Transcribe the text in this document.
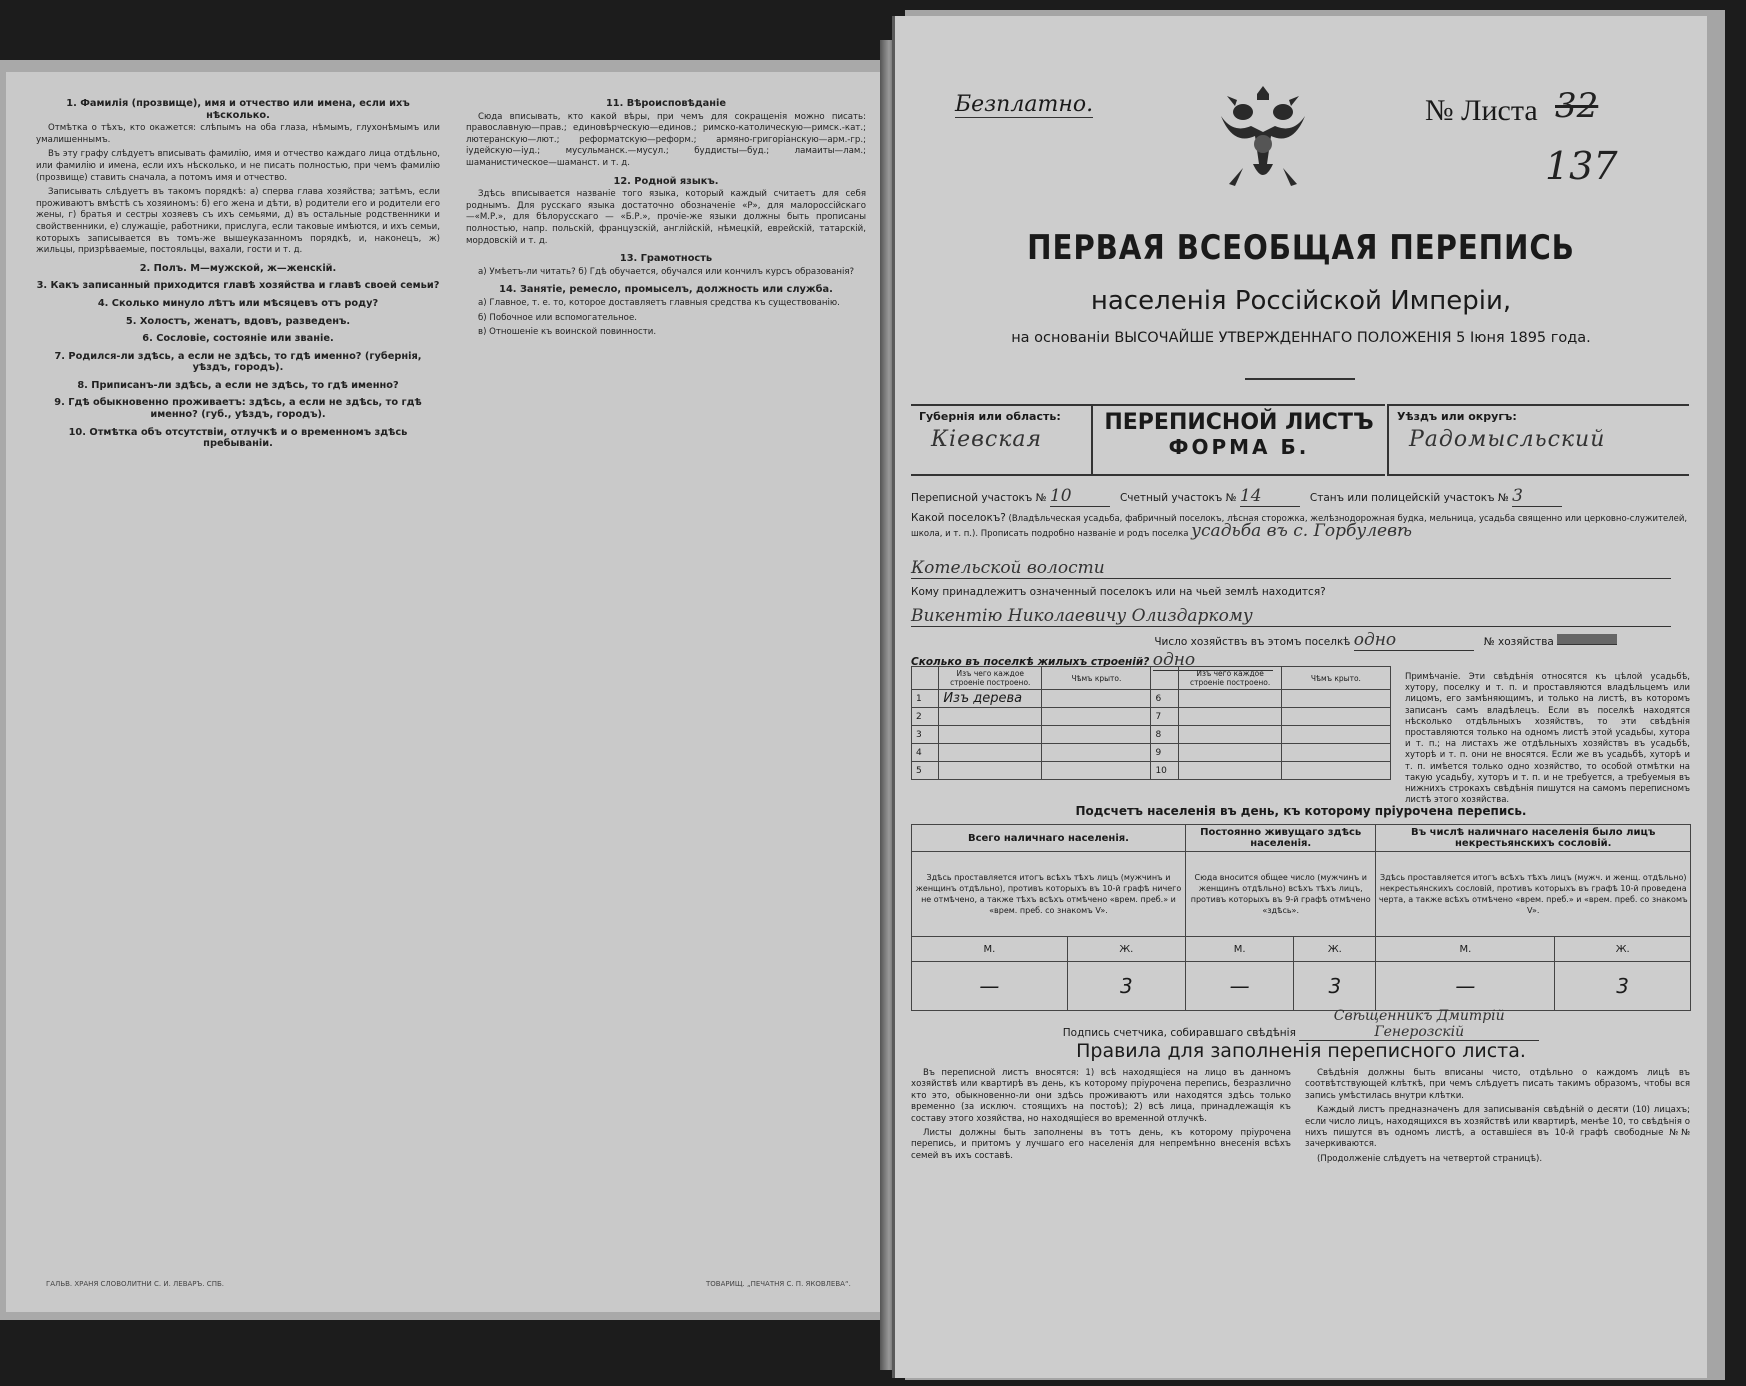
1. Фамилія (прозвище), имя и отчество или имена, если ихъ нѣсколько.

Отмѣтка о тѣхъ, кто окажется: слѣпымъ на оба глаза, нѣмымъ, глухонѣмымъ или умалишеннымъ.

Въ эту графу слѣдуетъ вписывать фамилію, имя и отчество каждаго лица отдѣльно, или фамилію и имена, если ихъ нѣсколько, и не писать полностью, при чемъ фамилію (прозвище) ставить сначала, а потомъ имя и отчество.

Записывать слѣдуетъ въ такомъ порядкѣ: а) сперва глава хозяйства; затѣмъ, если проживаютъ вмѣстѣ съ хозяиномъ: б) его жена и дѣти, в) родители его и родители его жены, г) братья и сестры хозяевъ съ ихъ семьями, д) въ остальные родственники и свойственники, е) служащіе, работники, прислуга, если таковые имѣются, и ихъ семьи, которыхъ записывается въ томъ-же вышеуказанномъ порядкѣ, и, наконецъ, ж) жильцы, призрѣваемые, постояльцы, вахали, гости и т. д.

2. Полъ. М—мужской, ж—женскій.
3. Какъ записанный приходится главѣ хозяйства и главѣ своей семьи?
4. Сколько минуло лѣтъ или мѣсяцевъ отъ роду?
5. Холостъ, женатъ, вдовъ, разведенъ.
6. Сословіе, состояніе или званіе.
7. Родился-ли здѣсь, а если не здѣсь, то гдѣ именно? (губернія, уѣздъ, городъ).
8. Приписанъ-ли здѣсь, а если не здѣсь, то гдѣ именно?
9. Гдѣ обыкновенно проживаетъ: здѣсь, а если не здѣсь, то гдѣ именно? (губ., уѣздъ, городъ).
10. Отмѣтка объ отсутствіи, отлучкѣ и о временномъ здѣсь пребываніи.
11. Вѣроисповѣданіе

Сюда вписывать, кто какой вѣры, при чемъ для сокращенія можно писать: православную—прав.; единовѣрческую—единов.; римско-католическую—римск.-кат.; лютеранскую—лют.; реформатскую—реформ.; армяно-григоріанскую—арм.-гр.; іудейскую—іуд.; мусульманск.—мусул.; буддисты—буд.; ламаиты—лам.; шаманистическое—шаманст. и т. д.

12. Родной языкъ.

Здѣсь вписывается названіе того языка, который каждый считаетъ для себя роднымъ. Для русскаго языка достаточно обозначеніе «Р», для малороссійскаго—«М.Р.», для бѣлорусскаго — «Б.Р.», прочіе-же языки должны быть прописаны полностью, напр. польскій, французскій, англійскій, нѣмецкій, еврейскій, татарскій, мордовскій и т. д.

13. Грамотность

а) Умѣетъ-ли читать? б) Гдѣ обучается, обучался или кончилъ курсъ образованія?

14. Занятіе, ремесло, промыселъ, должность или служба.

а) Главное, т. е. то, которое доставляетъ главныя средства къ существованію.

б) Побочное или вспомогательное.

в) Отношеніе къ воинской повинности.

ГАЛЬВ. ХРАНЯ СЛОВОЛИТНИ С. И. ЛЕВАРЪ. СПБ.	ТОВАРИЩ. „ПЕЧАТНЯ С. П. ЯКОВЛЕВА“.
Безплатно.	№ Листа 32
137
ПЕРВАЯ ВСЕОБЩАЯ ПЕРЕПИСЬ
населенія Россійской Имперіи,
на основаніи ВЫСОЧАЙШЕ УТВЕРЖДЕННАГО ПОЛОЖЕНІЯ 5 Іюня 1895 года.
Губернія или область:
Кіевская
ПЕРЕПИСНОЙ ЛИСТЪ
ФОРМА Б.
Уѣздъ или округъ:
Радомысльский
Переписной участокъ № 10	Счетный участокъ № 14	Станъ или полицейскій участокъ № 3
Какой поселокъ? (Владѣльческая усадьба, фабричный поселокъ, лѣсная сторожка, желѣзнодорожная будка, мельница, усадьба священно или церковно-служителей, школа, и т. п.). Прописать подробно названіе и родъ поселка усадьба въ с. Горбулевѣ
Котельской волости
Кому принадлежитъ означенный поселокъ или на чьей землѣ находится?
Викентію Николаевичу Олиздаркому
Число хозяйствъ въ этомъ поселкѣ одно	№ хозяйства
Сколько въ поселкѣ жилыхъ строеній? одно
	Изъ чего каждое строеніе построено.	Чѣмъ крыто.		Изъ чего каждое строеніе построено.	Чѣмъ крыто.
1	Изъ дерева		6		
2			7		
3			8		
4			9		
5			10		
Примѣчаніе. Эти свѣдѣнія относятся къ цѣлой усадьбѣ, хутору, поселку и т. п. и проставляются владѣльцемъ или лицомъ, его замѣняющимъ, и только на листѣ, въ которомъ записанъ самъ владѣлецъ. Если въ поселкѣ находятся нѣсколько отдѣльныхъ хозяйствъ, то эти свѣдѣнія проставляются только на одномъ листѣ этой усадьбы, хутора и т. п.; на листахъ же отдѣльныхъ хозяйствъ въ усадьбѣ, хуторѣ и т. п. они не вносятся. Если же въ усадьбѣ, хуторѣ и т. п. имѣется только одно хозяйство, то особой отмѣтки на такую усадьбу, хуторъ и т. п. и не требуется, а требуемыя въ нижнихъ строкахъ свѣдѣнія пишутся на самомъ переписномъ листѣ этого хозяйства.
Подсчетъ населенія въ день, къ которому пріурочена перепись.
Всего наличнаго населенія.		Постоянно живущаго здѣсь населенія.		Въ числѣ наличнаго населенія было лицъ некрестьянскихъ сословій.	
Здѣсь проставляется итогъ всѣхъ тѣхъ лицъ (мужчинъ и женщинъ отдѣльно), противъ которыхъ въ 10-й графѣ ничего не отмѣчено, а также тѣхъ всѣхъ отмѣчено «врем. преб.» и «врем. преб. со знакомъ V».		Сюда вносится общее число (мужчинъ и женщинъ отдѣльно) всѣхъ тѣхъ лицъ, противъ которыхъ въ 9-й графѣ отмѣчено «здѣсь».		Здѣсь проставляется итогъ всѣхъ тѣхъ лицъ (мужч. и женщ. отдѣльно) некрестьянскихъ сословій, противъ которыхъ въ графѣ 10-й проведена черта, а также всѣхъ отмѣчено «врем. преб.» и «врем. преб. со знакомъ V».	
М.	Ж.	М.	Ж.	М.	Ж.
—	3	—	3	—	3
Подпись счетчика, собиравшаго свѣдѣнія Свѣщенникъ Дмитрій Генерозскій
Правила для заполненія переписного листа.

Въ переписной листъ вносятся: 1) всѣ находящіеся на лицо въ данномъ хозяйствѣ или квартирѣ въ день, къ которому пріурочена перепись, безразлично кто это, обыкновенно-ли они здѣсь проживаютъ или находятся здѣсь только временно (за исключ. стоящихъ на постоѣ); 2) всѣ лица, принадлежащія къ составу этого хозяйства, но находящіеся во временной отлучкѣ.

Листы должны быть заполнены въ тотъ день, къ которому пріурочена перепись, и притомъ у лучшаго его населенія для непремѣнно внесенія всѣхъ семей въ ихъ составѣ.

Свѣдѣнія должны быть вписаны чисто, отдѣльно о каждомъ лицѣ въ соотвѣтствующей клѣткѣ, при чемъ слѣдуетъ писать такимъ образомъ, чтобы вся запись умѣстилась внутри клѣтки.

Каждый листъ предназначенъ для записыванія свѣдѣній о десяти (10) лицахъ; если число лицъ, находящихся въ хозяйствѣ или квартирѣ, менѣе 10, то свѣдѣнія о нихъ пишутся въ одномъ листѣ, а оставшіеся въ 10-й графѣ свободные №№ зачеркиваются.

(Продолженіе слѣдуетъ на четвертой страницѣ).
